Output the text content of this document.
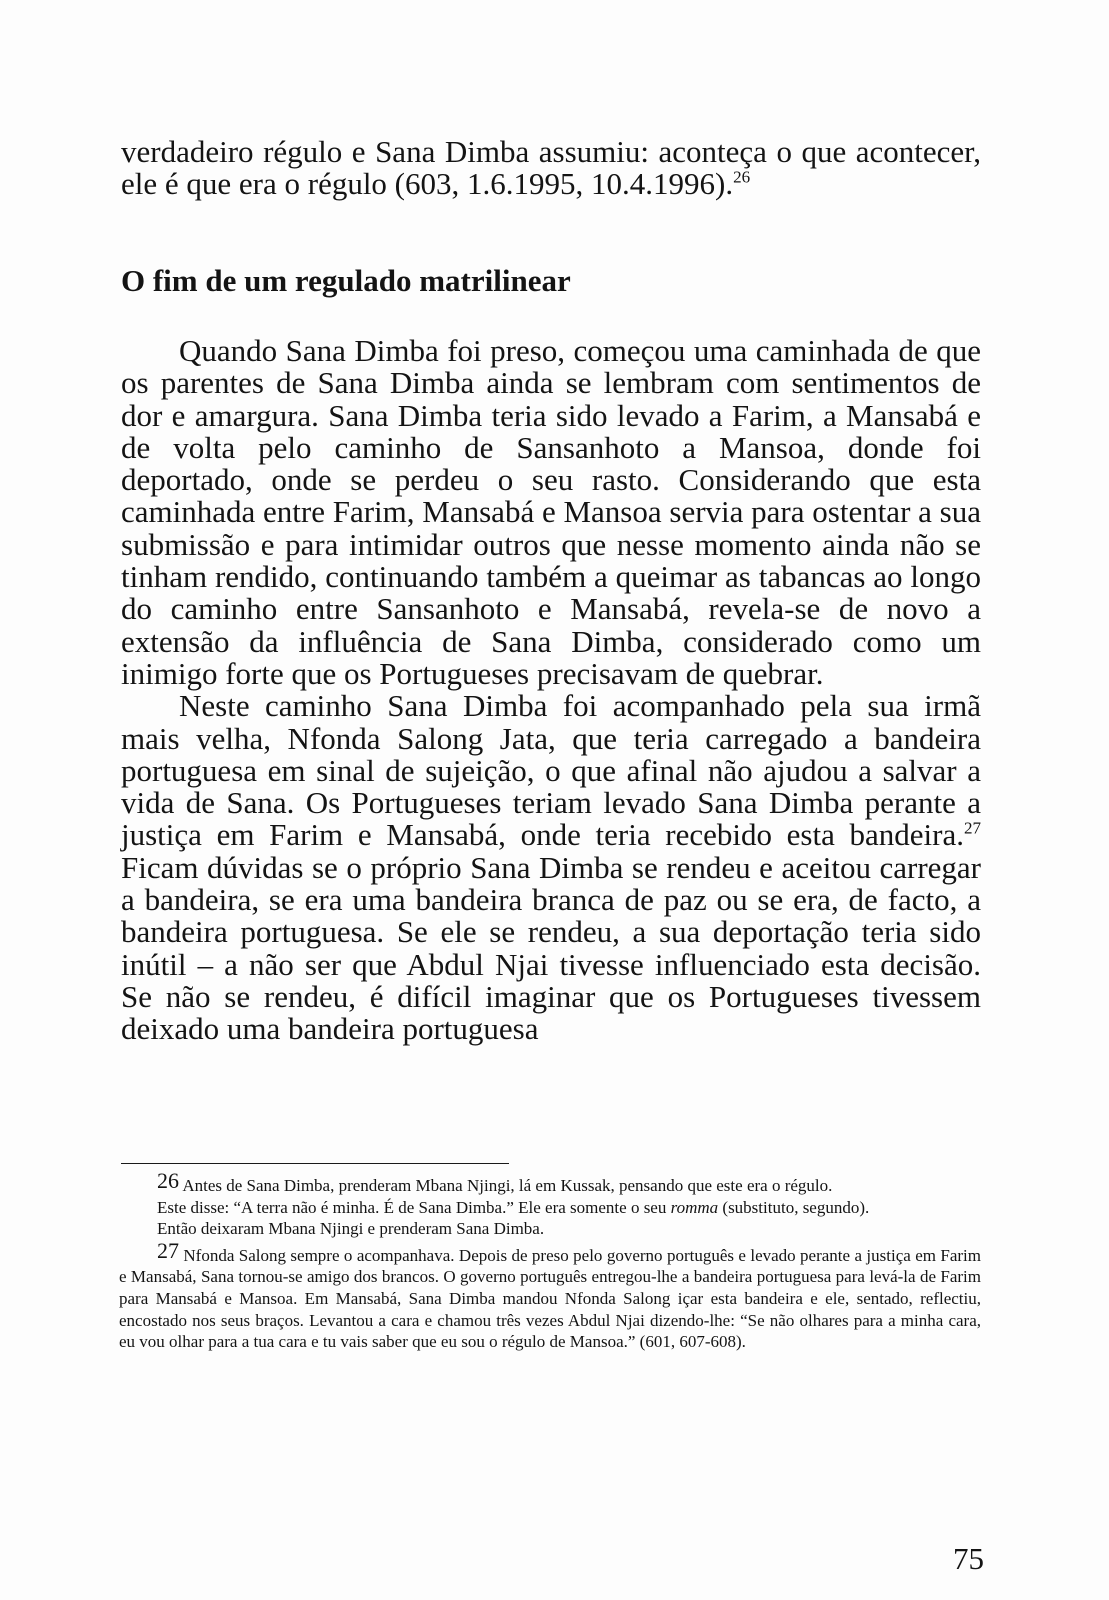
verdadeiro régulo e Sana Dimba assumiu: aconteça o que acontecer, ele é que era o régulo (603, 1.6.1995, 10.4.1996).$^{26}$

O fim de um regulado matrilinear

Quando Sana Dimba foi preso, começou uma caminhada de que os parentes de Sana Dimba ainda se lembram com sentimentos de dor e amargura. Sana Dimba teria sido levado a Farim, a Mansabá e de volta pelo caminho de Sansanhoto a Mansoa, donde foi deportado, onde se perdeu o seu rasto. Considerando que esta caminhada entre Farim, Mansabá e Mansoa servia para ostentar a sua submissão e para intimidar outros que nesse momento ainda não se tinham rendido, continuando também a queimar as tabancas ao longo do caminho entre Sansanhoto e Mansabá, revela-se de novo a extensão da influência de Sana Dimba, considerado como um inimigo forte que os Portugueses precisavam de quebrar.

Neste caminho Sana Dimba foi acompanhado pela sua irmã mais velha, Nfonda Salong Jata, que teria carregado a bandeira portuguesa em sinal de sujeição, o que afinal não ajudou a salvar a vida de Sana. Os Portugueses teriam levado Sana Dimba perante a justiça em Farim e Mansabá, onde teria recebido esta bandeira.$^{27}$ Ficam dúvidas se o próprio Sana Dimba se rendeu e aceitou carregar a bandeira, se era uma bandeira branca de paz ou se era, de facto, a bandeira portuguesa. Se ele se rendeu, a sua deportação teria sido inútil – a não ser que Abdul Njai tivesse influenciado esta decisão. Se não se rendeu, é difícil imaginar que os Portugueses tivessem deixado uma bandeira portuguesa

26 Antes de Sana Dimba, prenderam Mbana Njingi, lá em Kussak, pensando que este era o régulo.

Este disse: “A terra não é minha. É de Sana Dimba.” Ele era somente o seu romma (substituto, segundo).

Então deixaram Mbana Njingi e prenderam Sana Dimba.

27 Nfonda Salong sempre o acompanhava. Depois de preso pelo governo português e levado perante a justiça em Farim e Mansabá, Sana tornou-se amigo dos brancos. O governo português entregou-lhe a bandeira portuguesa para levá-la de Farim para Mansabá e Mansoa. Em Mansabá, Sana Dimba mandou Nfonda Salong içar esta bandeira e ele, sentado, reflectiu, encostado nos seus braços. Levantou a cara e chamou três vezes Abdul Njai dizendo-lhe: “Se não olhares para a minha cara, eu vou olhar para a tua cara e tu vais saber que eu sou o régulo de Mansoa.” (601, 607-608).

75
